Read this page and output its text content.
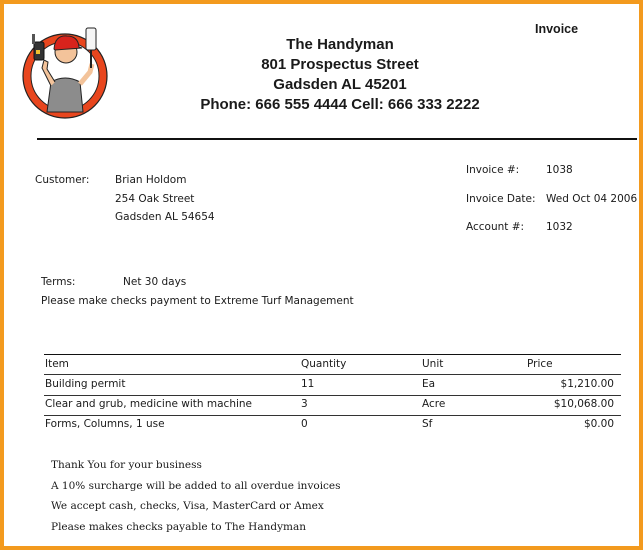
Invoice
The Handyman
801 Prospectus Street
Gadsden AL 45201
Phone: 666 555 4444 Cell: 666 333 2222
Customer: Brian Holdom
254 Oak Street
Gadsden AL 54654
Invoice #:	1038
Invoice Date: Wed Oct 04 2006
Account #: 1032
Terms:	Net 30 days
Please make checks payment to Extreme Turf Management
Item	Quantity	Unit	Price
Building permit	11	Ea	$1,210.00
Clear and grub, medicine with machine	3	Acre	$10,068.00
Forms, Columns, 1 use	0	Sf	$0.00
Thank You for your business
A 10% surcharge will be added to all overdue invoices
We accept cash, checks, Visa, MasterCard or Amex
Please makes checks payable to The Handyman
